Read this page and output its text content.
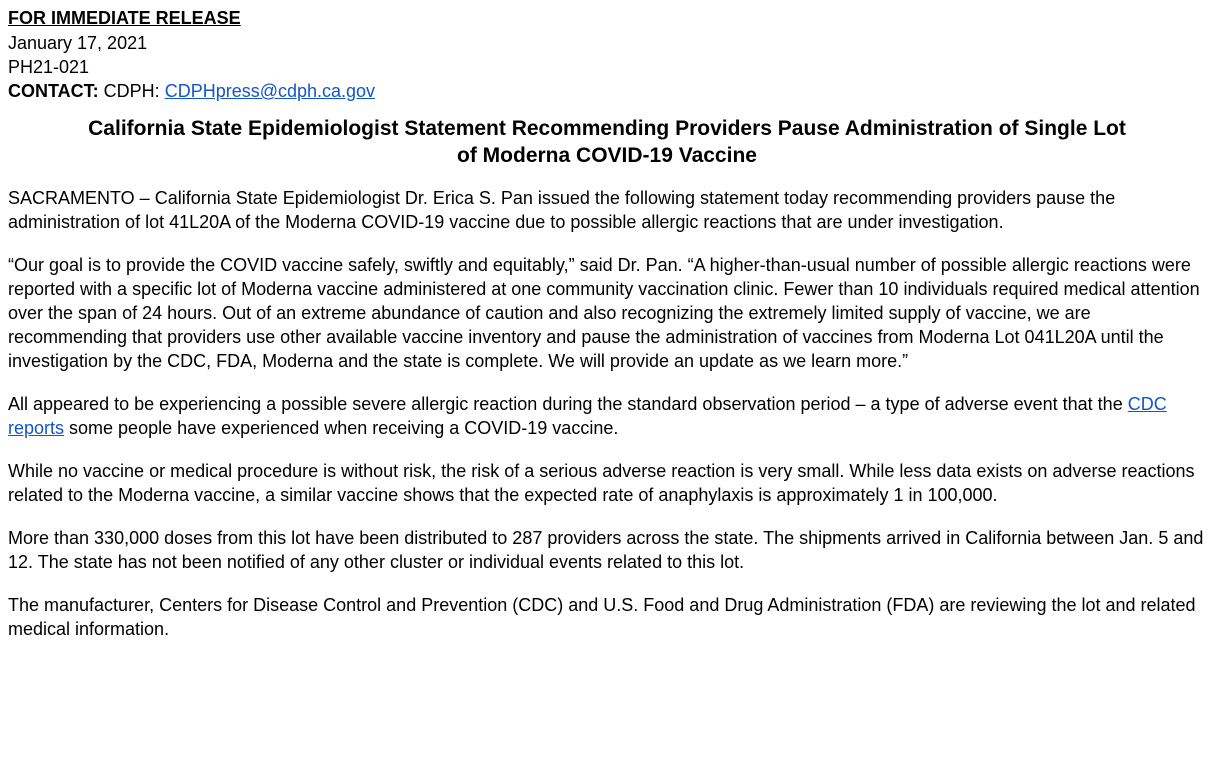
FOR IMMEDIATE RELEASE
January 17, 2021
PH21-021
CONTACT: CDPH: CDPHpress@cdph.ca.gov
California State Epidemiologist Statement Recommending Providers Pause Administration of Single Lot
of Moderna COVID-19 Vaccine

SACRAMENTO – California State Epidemiologist Dr. Erica S. Pan issued the following statement today recommending providers pause the administration of lot 41L20A of the Moderna COVID-19 vaccine due to possible allergic reactions that are under investigation.

“Our goal is to provide the COVID vaccine safely, swiftly and equitably,” said Dr. Pan. “A higher-than-usual number of possible allergic reactions were reported with a specific lot of Moderna vaccine administered at one community vaccination clinic. Fewer than 10 individuals required medical attention over the span of 24 hours. Out of an extreme abundance of caution and also recognizing the extremely limited supply of vaccine, we are recommending that providers use other available vaccine inventory and pause the administration of vaccines from Moderna Lot 041L20A until the investigation by the CDC, FDA, Moderna and the state is complete. We will provide an update as we learn more.”

All appeared to be experiencing a possible severe allergic reaction during the standard observation period – a type of adverse event that the CDC reports some people have experienced when receiving a COVID-19 vaccine.

While no vaccine or medical procedure is without risk, the risk of a serious adverse reaction is very small. While less data exists on adverse reactions related to the Moderna vaccine, a similar vaccine shows that the expected rate of anaphylaxis is approximately 1 in 100,000.

More than 330,000 doses from this lot have been distributed to 287 providers across the state. The shipments arrived in California between Jan. 5 and 12. The state has not been notified of any other cluster or individual events related to this lot.

The manufacturer, Centers for Disease Control and Prevention (CDC) and U.S. Food and Drug Administration (FDA) are reviewing the lot and related medical information.
